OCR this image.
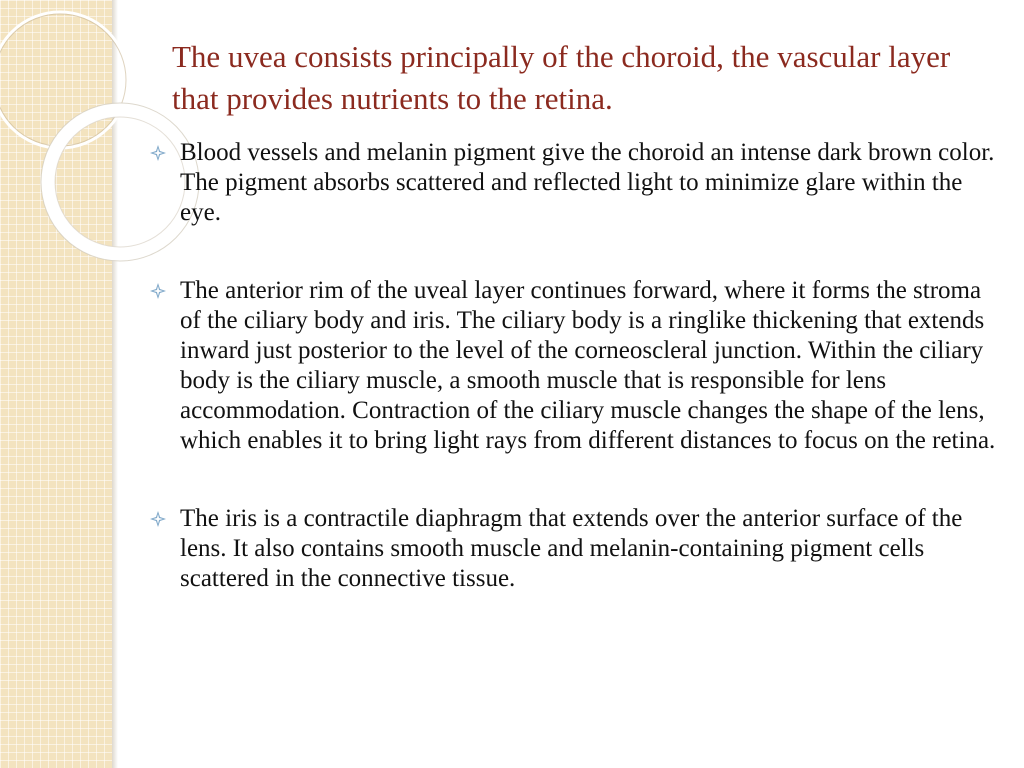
The uvea consists principally of the choroid, the vascular layer that provides nutrients to the retina.
Blood vessels and melanin pigment give the choroid an intense dark brown color. The pigment absorbs scattered and reflected light to minimize glare within the eye.
The anterior rim of the uveal layer continues forward, where it forms the stroma of the ciliary body and iris. The ciliary body is a ringlike thickening that extends inward just posterior to the level of the corneoscleral junction. Within the ciliary body is the ciliary muscle, a smooth muscle that is responsible for lens accommodation. Contraction of the ciliary muscle changes the shape of the lens, which enables it to bring light rays from different distances to focus on the retina.
The iris is a contractile diaphragm that extends over the anterior surface of the lens. It also contains smooth muscle and melanin-containing pigment cells scattered in the connective tissue.
